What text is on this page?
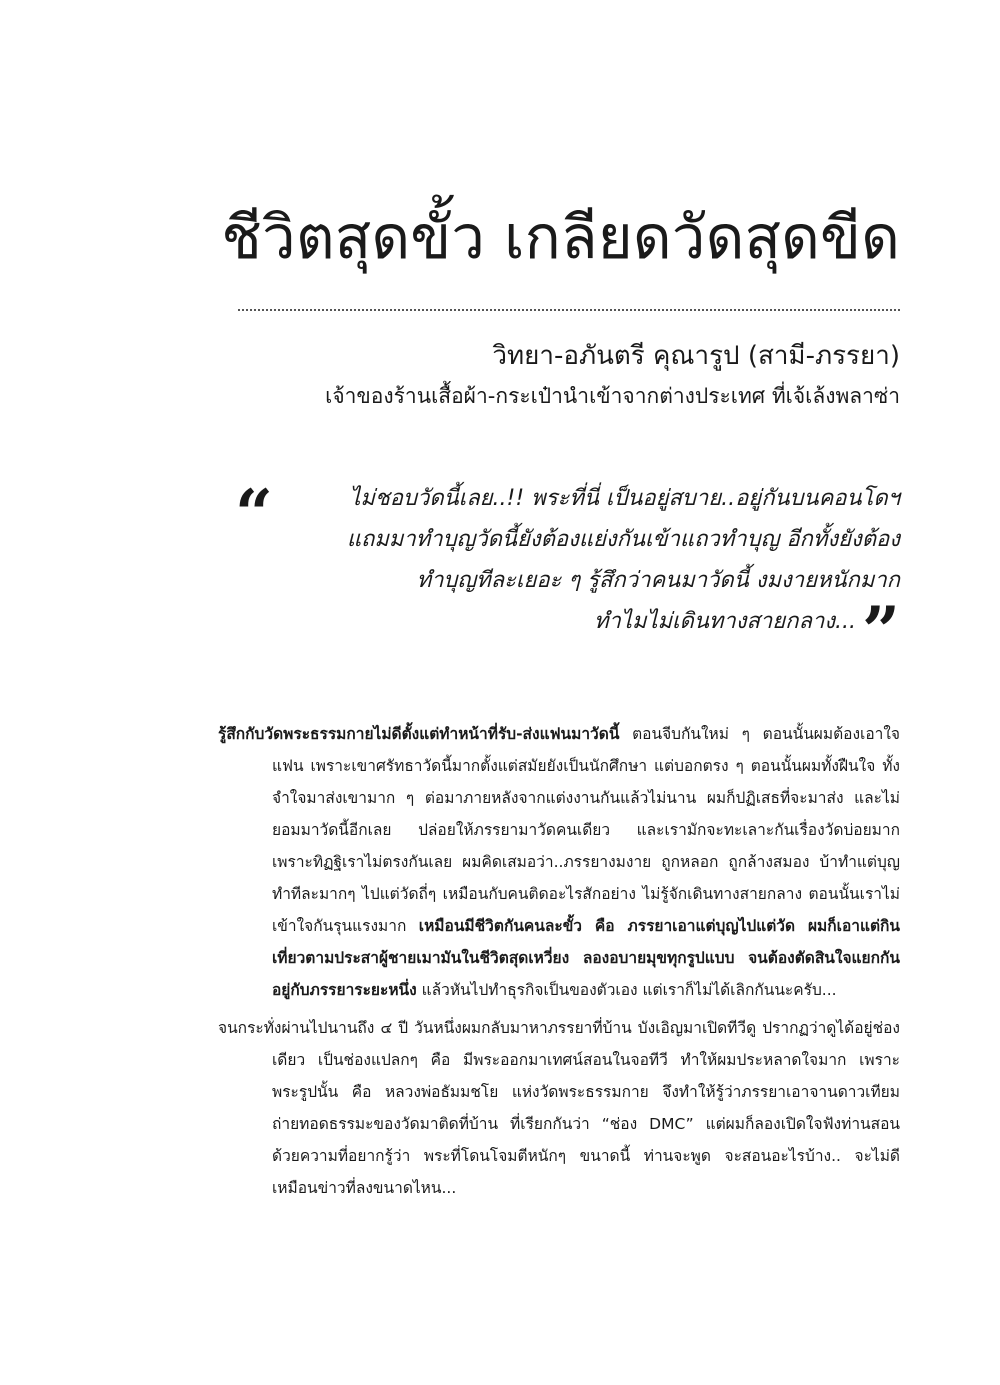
ชีวิตสุดขั้ว เกลียดวัดสุดขีด
วิทยา-อภันตรี คุณารูป (สามี-ภรรยา)
เจ้าของร้านเสื้อผ้า-กระเป๋านำเข้าจากต่างประเทศ ที่เจ้เล้งพลาซ่า
“	ไม่ชอบวัดนี้เลย..!! พระที่นี่ เป็นอยู่สบาย..อยู่กันบนคอนโดฯ
แถมมาทำบุญวัดนี้ยังต้องแย่งกันเข้าแถวทำบุญ อีกทั้งยังต้อง
ทำบุญทีละเยอะ ๆ รู้สึกว่าคนมาวัดนี้ งมงายหนักมาก
ทำไมไม่เดินทางสายกลาง...”

รู้สึกกับวัดพระธรรมกายไม่ดีตั้งแต่ทำหน้าที่รับ-ส่งแฟนมาวัดนี้ ตอนจีบกันใหม่ ๆ ตอนนั้นผมต้องเอาใจแฟน เพราะเขาศรัทธาวัดนี้มากตั้งแต่สมัยยังเป็นนักศึกษา แต่บอกตรง ๆ ตอนนั้นผมทั้งฝืนใจ ทั้งจำใจมาส่งเขามาก ๆ ต่อมาภายหลังจากแต่งงานกันแล้วไม่นาน ผมก็ปฏิเสธที่จะมาส่ง และไม่ยอมมาวัดนี้อีกเลย ปล่อยให้ภรรยามาวัดคนเดียว และเรามักจะทะเลาะกันเรื่องวัดบ่อยมาก เพราะทิฏฐิเราไม่ตรงกันเลย ผมคิดเสมอว่า..ภรรยางมงาย ถูกหลอก ถูกล้างสมอง บ้าทำแต่บุญ ทำทีละมากๆ ไปแต่วัดถี่ๆ เหมือนกับคนติดอะไรสักอย่าง ไม่รู้จักเดินทางสายกลาง ตอนนั้นเราไม่เข้าใจกันรุนแรงมาก เหมือนมีชีวิตกันคนละขั้ว คือ ภรรยาเอาแต่บุญไปแต่วัด ผมก็เอาแต่กินเที่ยวตามประสาผู้ชายเมามันในชีวิตสุดเหวี่ยง ลองอบายมุขทุกรูปแบบ จนต้องตัดสินใจแยกกันอยู่กับภรรยาระยะหนึ่ง แล้วหันไปทำธุรกิจเป็นของตัวเอง แต่เราก็ไม่ได้เลิกกันนะครับ...

จนกระทั่งผ่านไปนานถึง ๔ ปี วันหนึ่งผมกลับมาหาภรรยาที่บ้าน บังเอิญมาเปิดทีวีดู ปรากฏว่าดูได้อยู่ช่องเดียว เป็นช่องแปลกๆ คือ มีพระออกมาเทศน์สอนในจอทีวี ทำให้ผมประหลาดใจมาก เพราะพระรูปนั้น คือ หลวงพ่อธัมมชโย แห่งวัดพระธรรมกาย จึงทำให้รู้ว่าภรรยาเอาจานดาวเทียมถ่ายทอดธรรมะของวัดมาติดที่บ้าน ที่เรียกกันว่า “ช่อง DMC” แต่ผมก็ลองเปิดใจฟังท่านสอน ด้วยความที่อยากรู้ว่า พระที่โดนโจมตีหนักๆ ขนาดนี้ ท่านจะพูด จะสอนอะไรบ้าง.. จะไม่ดีเหมือนข่าวที่ลงขนาดไหน...
